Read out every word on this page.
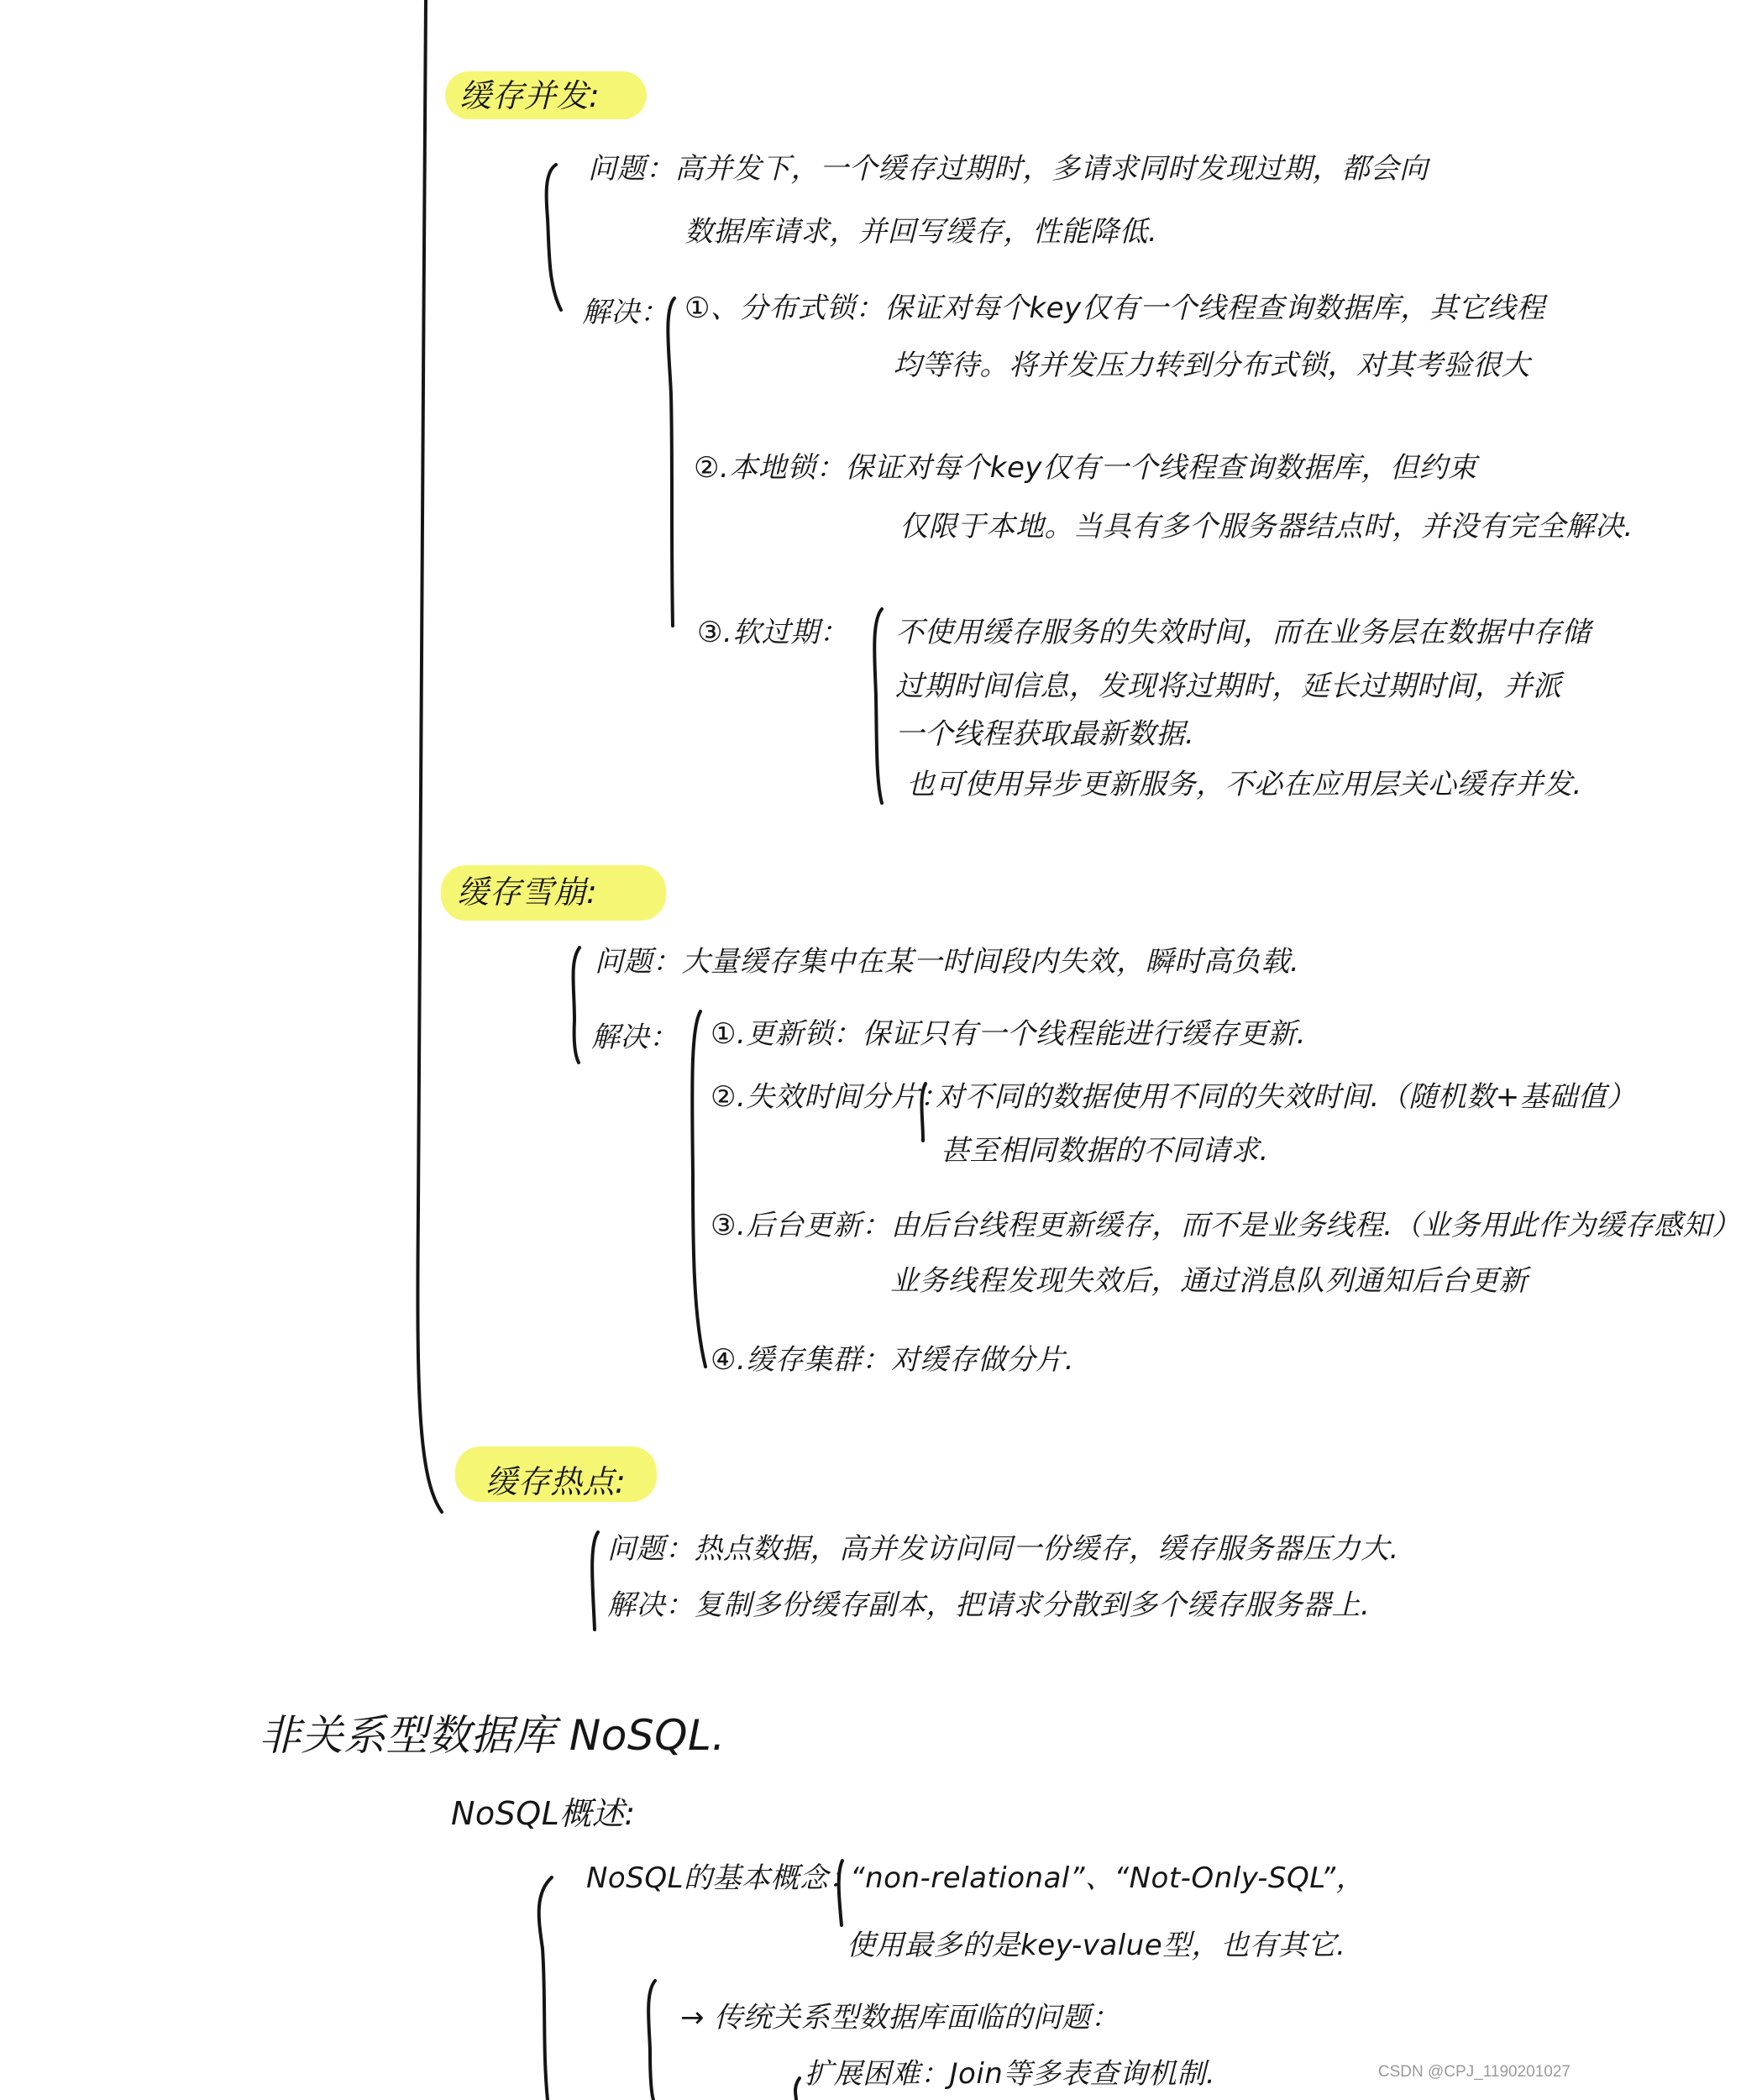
缓存并发:
问题：高并发下，一个缓存过期时，多请求同时发现过期，都会向
数据库请求，并回写缓存，性能降低.
解决： ①、分布式锁：保证对每个key仅有一个线程查询数据库，其它线程
均等待。将并发压力转到分布式锁，对其考验很大
②.本地锁：保证对每个key仅有一个线程查询数据库，但约束
仅限于本地。当具有多个服务器结点时，并没有完全解决.
③.软过期： 不使用缓存服务的失效时间，而在业务层在数据中存储
过期时间信息，发现将过期时，延长过期时间，并派
一个线程获取最新数据.
也可使用异步更新服务，不必在应用层关心缓存并发.
缓存雪崩:
问题：大量缓存集中在某一时间段内失效，瞬时高负载.
解决： ①.更新锁：保证只有一个线程能进行缓存更新.
②.失效时间分片：
对不同的数据使用不同的失效时间.（随机数+基础值）
甚至相同数据的不同请求.
③.后台更新：由后台线程更新缓存，而不是业务线程.（业务用此作为缓存感知）
业务线程发现失效后，通过消息队列通知后台更新
④.缓存集群：对缓存做分片.
缓存热点:
问题：热点数据，高并发访问同一份缓存，缓存服务器压力大.
解决：复制多份缓存副本，把请求分散到多个缓存服务器上.
非关系型数据库 NoSQL.
NoSQL概述:
NoSQL的基本概念：
“non-relational”、“Not-Only-SQL”，
使用最多的是key-value型，也有其它.
→ 传统关系型数据库面临的问题：
扩展困难：Join等多表查询机制.	CSDN @CPJ_1190201027
